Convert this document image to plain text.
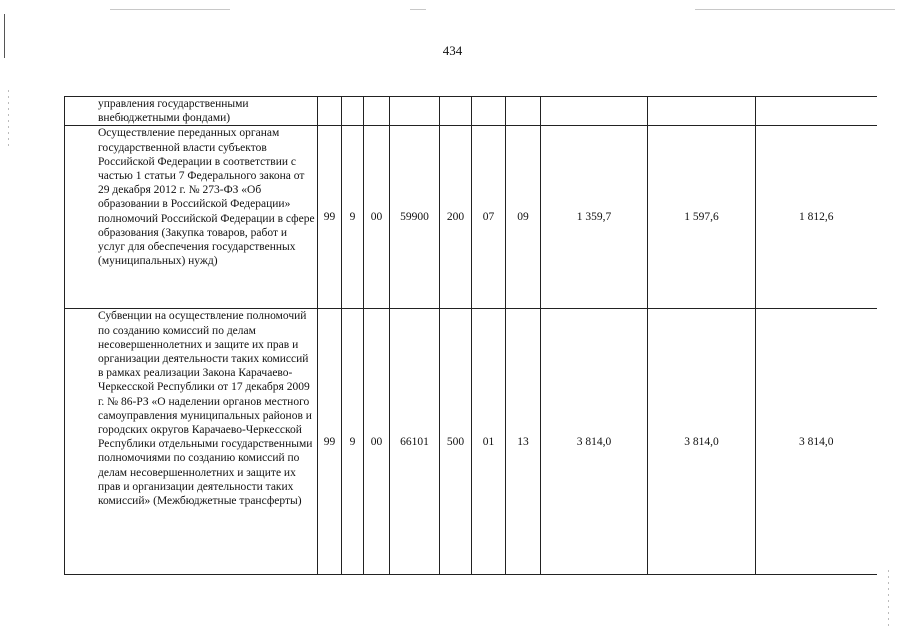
434
управления государственными внебюджетными фондами)										
Осуществление переданных органам государственной власти субъектов Российской Федерации в соответствии с частью 1 статьи 7 Федерального закона от 29 декабря 2012 г. № 273-ФЗ «Об образовании в Российской Федерации» полномочий Российской Федерации в сфере образования (Закупка товаров, работ и услуг для обеспечения государственных (муниципальных) нужд)	99	9	00	59900	200	07	09	1 359,7	1 597,6	1 812,6
Субвенции на осуществление полномочий по созданию комиссий по делам несовершеннолетних и защите их прав и организации деятельности таких комиссий в рамках реализации Закона Карачаево-Черкесской Республики от 17 декабря 2009 г. № 86-РЗ «О наделении органов местного самоуправления муниципальных районов и городских округов Карачаево-Черкесской Республики отдельными государственными полномочиями по созданию комиссий по делам несовершеннолетних и защите их прав и организации деятельности таких комиссий» (Межбюджетные трансферты)	99	9	00	66101	500	01	13	3 814,0	3 814,0	3 814,0
